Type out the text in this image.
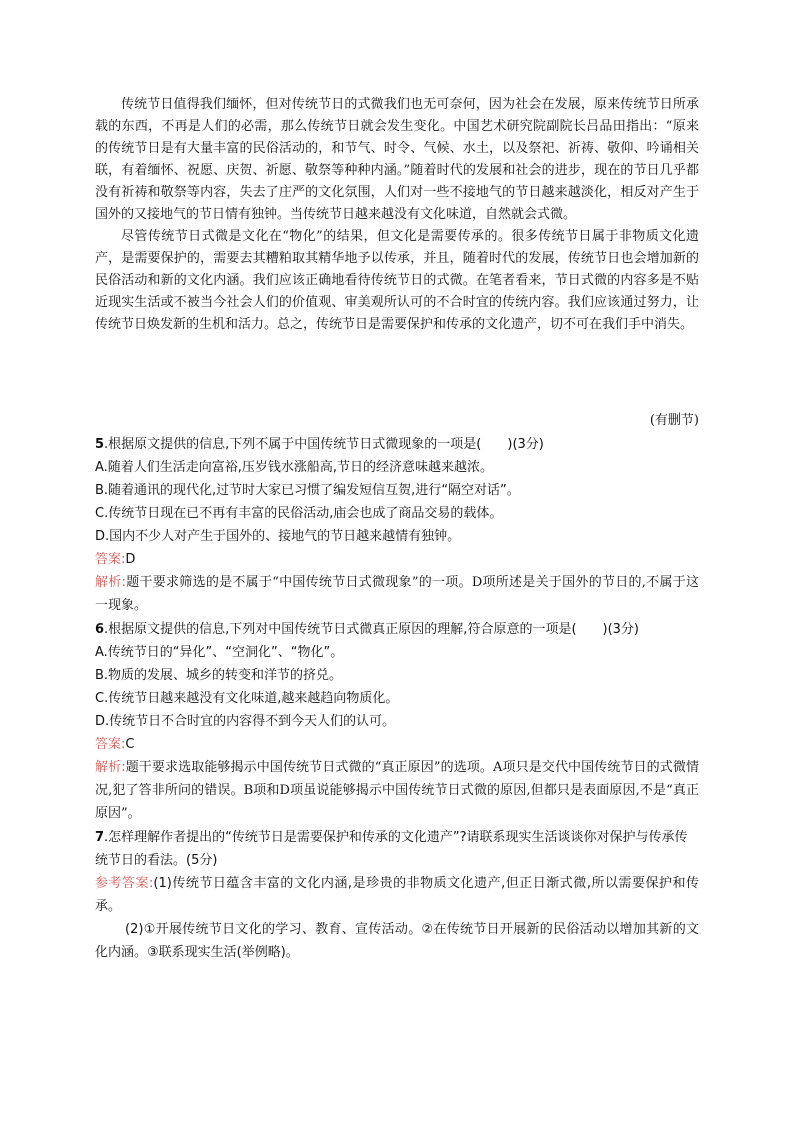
传统节日值得我们缅怀，但对传统节日的式微我们也无可奈何，因为社会在发展，原来传统节日所承载的东西，不再是人们的必需，那么传统节日就会发生变化。中国艺术研究院副院长吕品田指出：“原来的传统节日是有大量丰富的民俗活动的，和节气、时令、气候、水土，以及祭祀、祈祷、敬仰、吟诵相关联，有着缅怀、祝愿、庆贺、祈愿、敬祭等种种内涵。”随着时代的发展和社会的进步，现在的节日几乎都没有祈祷和敬祭等内容，失去了庄严的文化氛围，人们对一些不接地气的节日越来越淡化，相反对产生于国外的又接地气的节日情有独钟。当传统节日越来越没有文化味道，自然就会式微。

尽管传统节日式微是文化在“物化”的结果，但文化是需要传承的。很多传统节日属于非物质文化遗产，是需要保护的，需要去其糟粕取其精华地予以传承，并且，随着时代的发展，传统节日也会增加新的民俗活动和新的文化内涵。我们应该正确地看待传统节日的式微。在笔者看来，节日式微的内容多是不贴近现实生活或不被当今社会人们的价值观、审美观所认可的不合时宜的传统内容。我们应该通过努力，让传统节日焕发新的生机和活力。总之，传统节日是需要保护和传承的文化遗产，切不可在我们手中消失。

(有删节)
5.根据原文提供的信息,下列不属于中国传统节日式微现象的一项是(　　)(3分)
A.随着人们生活走向富裕,压岁钱水涨船高,节日的经济意味越来越浓。
B.随着通讯的现代化,过节时大家已习惯了编发短信互贺,进行“隔空对话”。
C.传统节日现在已不再有丰富的民俗活动,庙会也成了商品交易的载体。
D.国内不少人对产生于国外的、接地气的节日越来越情有独钟。
答案:D
解析:题干要求筛选的是不属于“中国传统节日式微现象”的一项。D项所述是关于国外的节日的,不属于这一现象。
6.根据原文提供的信息,下列对中国传统节日式微真正原因的理解,符合原意的一项是(　　)(3分)
A.传统节日的“异化”、“空洞化”、“物化”。
B.物质的发展、城乡的转变和洋节的挤兑。
C.传统节日越来越没有文化味道,越来越趋向物质化。
D.传统节日不合时宜的内容得不到今天人们的认可。
答案:C
解析:题干要求选取能够揭示中国传统节日式微的“真正原因”的选项。A项只是交代中国传统节日的式微情况,犯了答非所问的错误。B项和D项虽说能够揭示中国传统节日式微的原因,但都只是表面原因,不是“真正原因”。
7.怎样理解作者提出的“传统节日是需要保护和传承的文化遗产”?请联系现实生活谈谈你对保护与传承传统节日的看法。(5分)
参考答案:(1)传统节日蕴含丰富的文化内涵,是珍贵的非物质文化遗产,但正日渐式微,所以需要保护和传承。
(2)①开展传统节日文化的学习、教育、宣传活动。②在传统节日开展新的民俗活动以增加其新的文化内涵。③联系现实生活(举例略)。
